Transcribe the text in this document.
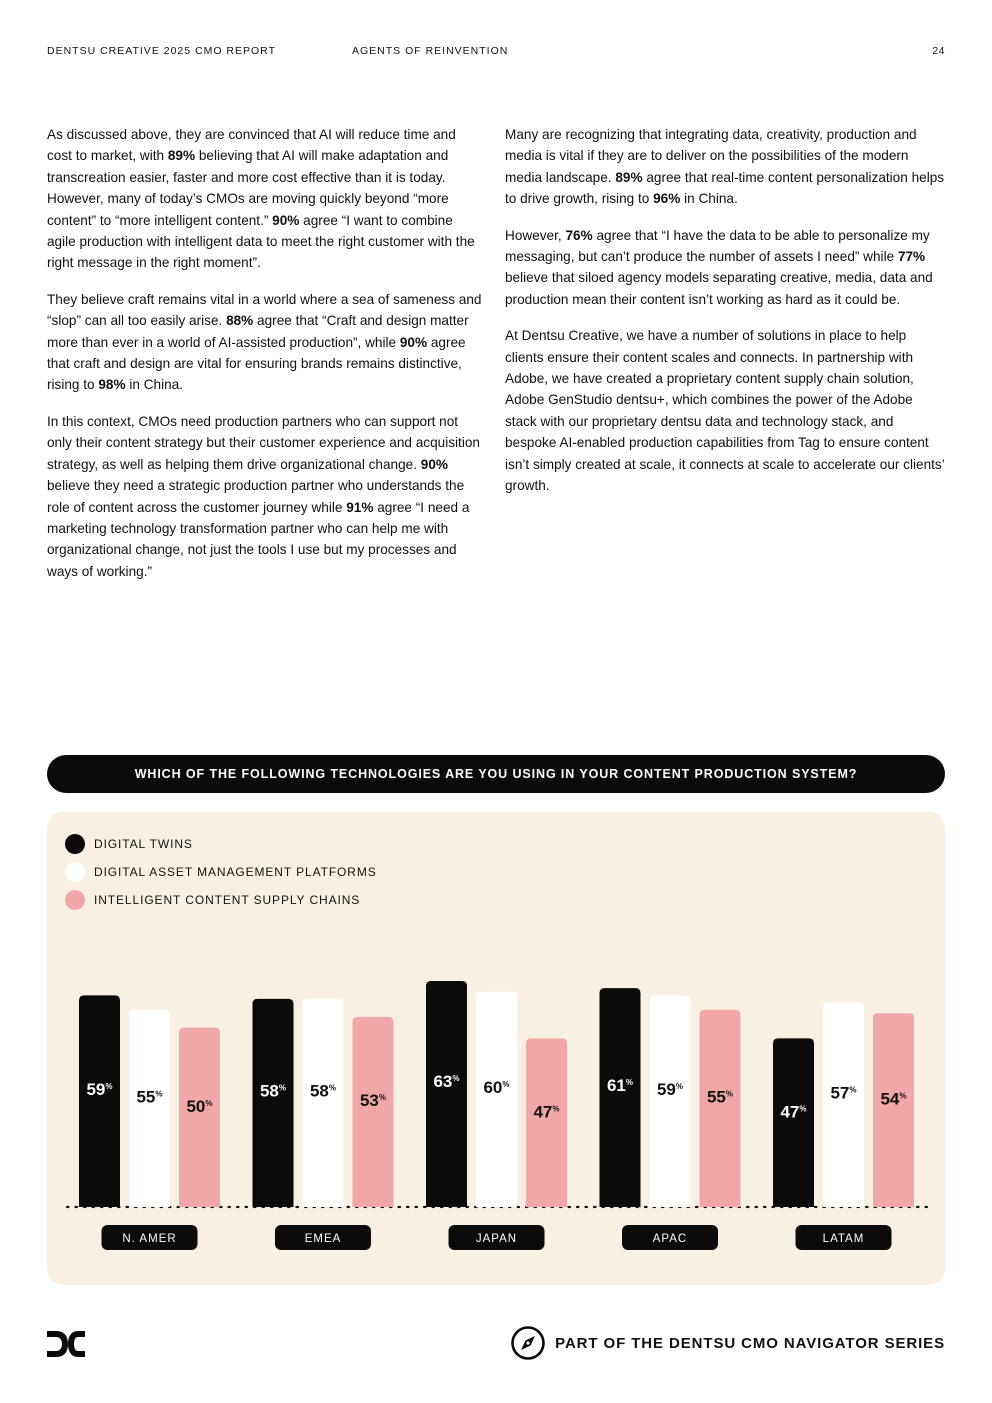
DENTSU CREATIVE 2025 CMO REPORT	AGENTS OF REINVENTION	24

As discussed above, they are convinced that AI will reduce time and cost to market, with 89% believing that AI will make adaptation and transcreation easier, faster and more cost effective than it is today. However, many of today’s CMOs are moving quickly beyond “more content” to “more intelligent content.” 90% agree “I want to combine agile production with intelligent data to meet the right customer with the right message in the right moment”.

They believe craft remains vital in a world where a sea of sameness and “slop” can all too easily arise. 88% agree that “Craft and design matter more than ever in a world of AI-assisted production”, while 90% agree that craft and design are vital for ensuring brands remains distinctive, rising to 98% in China.

In this context, CMOs need production partners who can support not only their content strategy but their customer experience and acquisition strategy, as well as helping them drive organizational change. 90% believe they need a strategic production partner who understands the role of content across the customer journey while 91% agree “I need a marketing technology transformation partner who can help me with organizational change, not just the tools I use but my processes and ways of working.”

Many are recognizing that integrating data, creativity, production and media is vital if they are to deliver on the possibilities of the modern media landscape. 89% agree that real-time content personalization helps to drive growth, rising to 96% in China.

However, 76% agree that “I have the data to be able to personalize my messaging, but can’t produce the number of assets I need” while 77% believe that siloed agency models separating creative, media, data and production mean their content isn’t working as hard as it could be.

At Dentsu Creative, we have a number of solutions in place to help clients ensure their content scales and connects. In partnership with Adobe, we have created a proprietary content supply chain solution, Adobe GenStudio dentsu+, which combines the power of the Adobe stack with our proprietary dentsu data and technology stack, and bespoke AI-enabled production capabilities from Tag to ensure content isn’t simply created at scale, it connects at scale to accelerate our clients’ growth.

WHICH OF THE FOLLOWING TECHNOLOGIES ARE YOU USING IN YOUR CONTENT PRODUCTION SYSTEM?
DIGITAL TWINS
DIGITAL ASSET MANAGEMENT PLATFORMS
INTELLIGENT CONTENT SUPPLY CHAINS
59%
55%
50%
N. AMER
58% 58%
53%
EMEA
63% 60%
47%
JAPAN
61% 59%
55%
APAC
47%
57% 54%
LATAM
PART OF THE DENTSU CMO NAVIGATOR SERIES
